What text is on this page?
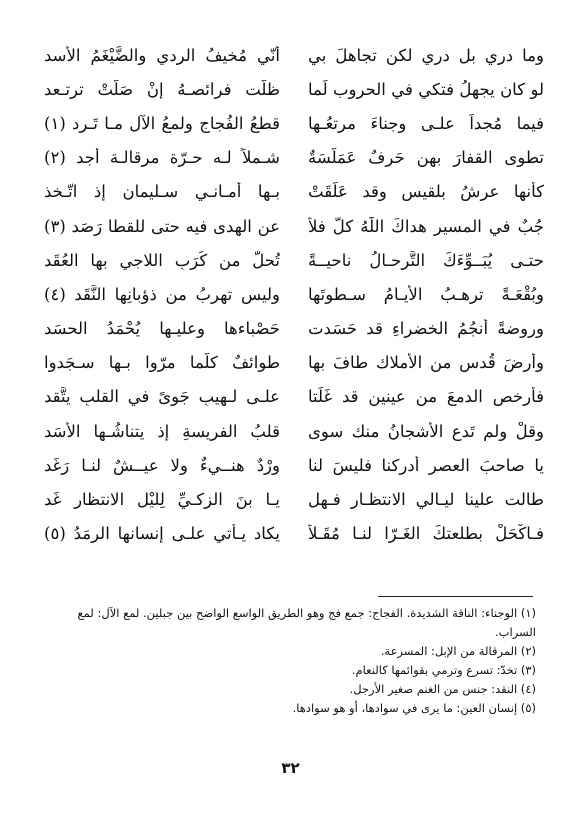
وما دري بل دري لكن تجاهلَ بي
أنّي مُخيفُ الردي والضَّيْغَمُ الأسد
لو كان يجهلُ فتكي في الحروب لَما
ظلّت فرائصـهُ إنْ صَلَّتْ ترتـعد
فيما مُجداً علـى وجناءَ مرتعُـها
قطعُ الفُجاج ولمعُ الآل مـا تَـرد (١)
تطوى القفارَ بهن حَرفٌ عَمَلَّسَةٌ
شـملاً لـه حـرّة مرقالـة أجد (٢)
كأنها عرشُ بلقيسٍ وقد عَلَقَتْ
بـها أمـانـي سـليمان إذ اتّـخذ
جُبٌ في المسيرِ هداكَ اللّٰهُ كلٌّ فلاً
عن الهدى فيه حتى للقطا رَصَد (٣)
حتـى يُبَــوِّءَكَ التَّرحـالُ ناحيــةً
تُحلُّ من كُرَبِ اللاجي بها العُقَد
وبُقْعَـةً ترهـبُ الأيـامُ سـطوتَها
وليس تهربُ من ذؤبانِها النَّقَد (٤)
وروضةً أنجُمُ الخضراءِ قد حَسَدت
حَصْباءها وعليـها يُحْمَدُ الحسَد
وأرضَ قُدسٍ من الأملاك طافَ بها
طوائفٌ كلّما مرّوا بـها سـجَدوا
فأرخصِ الدمعَ من عينينِ قد غَلَتا
علـى لـهيبِ جَوىً في القلبِ يتَّقد
وقلْ ولم تَدعِ الأشجانُ منك سوى
قلبُ الفريسةِ إذ يتناشُـها الأسَد
يا صاحبَ العصرِ أدركنا فليسَ لنا
وِرْدٌ هنــيءٌ ولا عيــشٌ لنـا رَغَد
طالت علينا ليـالي الانتظـار فـهل
يـا بنَ الزكـيِّ لِليْلِ الانتظارِ غَد
فـاكْحَلْ بطلعتكَ الغَـرّا لنـا مُقَـلاً
يكاد يـأتي علـى إنسانها الرمَدُ (٥)

(١) الوجناء: الناقة الشديدة. الفجاج: جمع فج وهو الطريق الواسع الواضح بين جبلين. لمع الآل: لمع السراب.

(٢) المرقالة من الإبل: المسرعة.

(٣) تخدّ: تسرع وترمي بقوائمها كالنعام.

(٤) النقد: جنس من الغنم صغير الأرجل.

(٥) إنسان العين: ما يرى في سوادها، أو هو سوادها.

٣٢
